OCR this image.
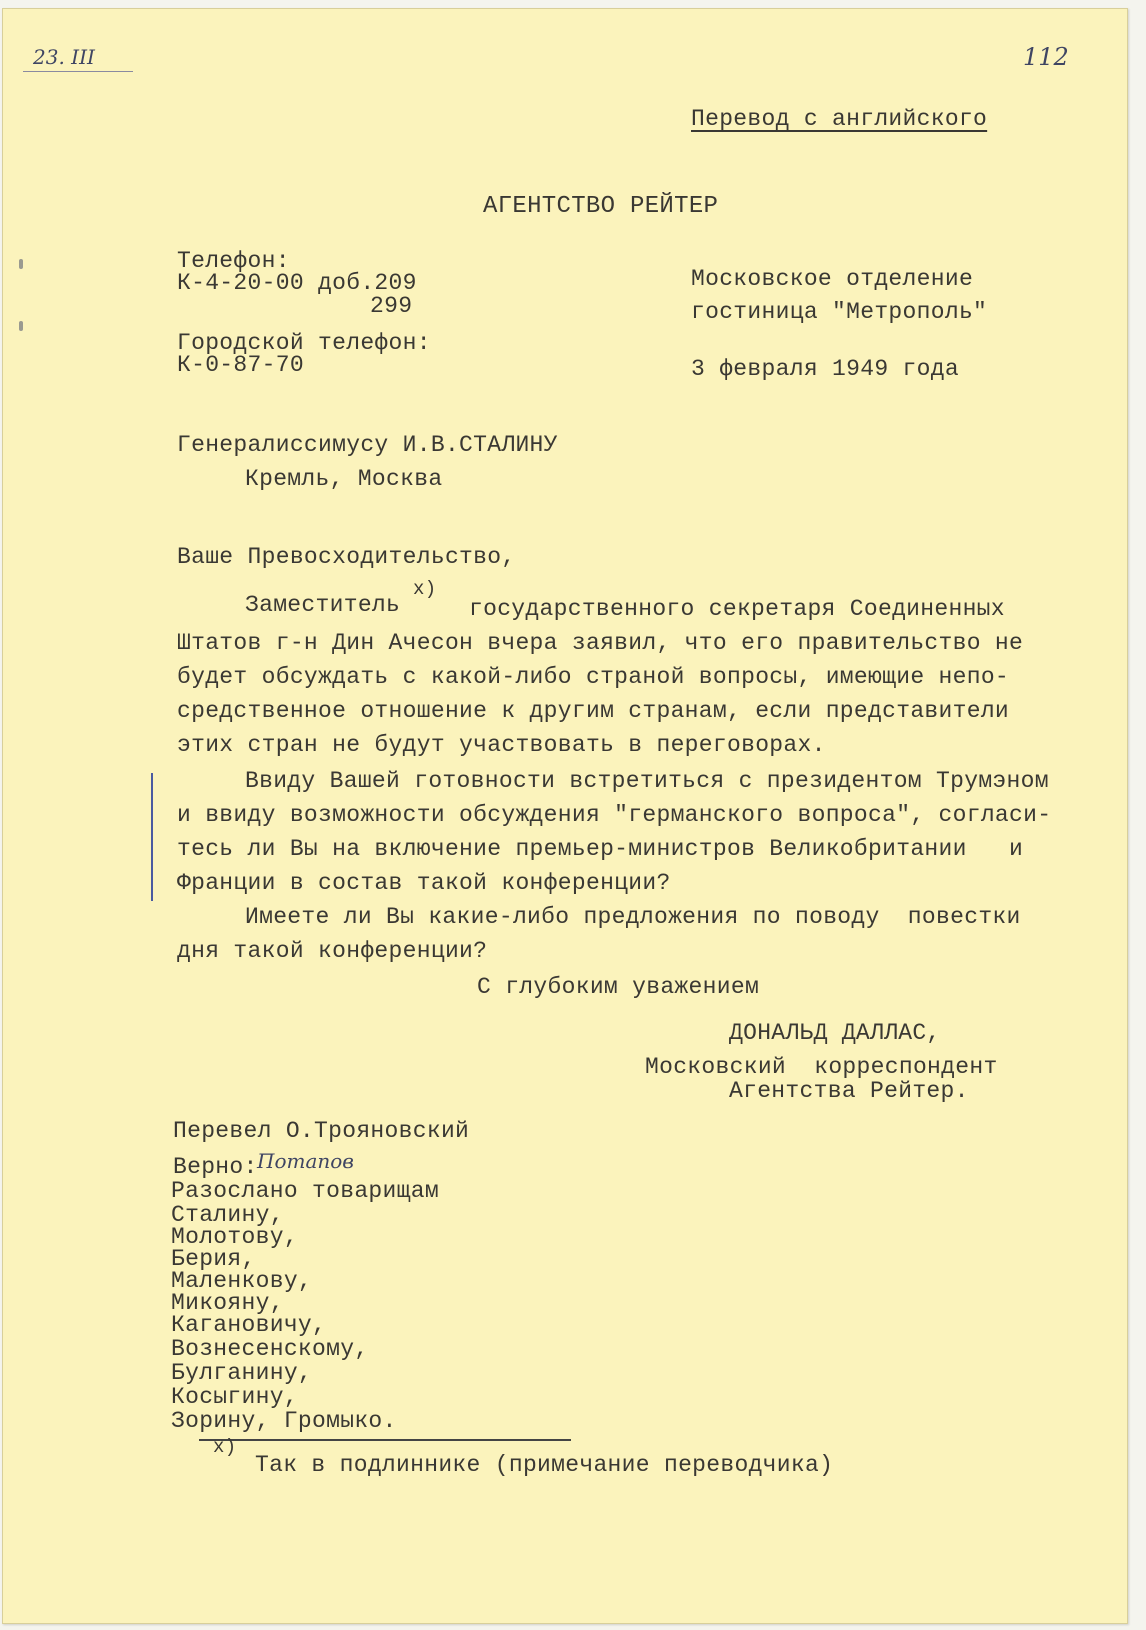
23. III	112
Перевод с английского
АГЕНТСТВО РЕЙТЕР
Телефон:
К-4-20-00 доб.209
299
Городской телефон:
К-0-87-70
Московское отделение
гостиница "Метрополь"
3 февраля 1949 года
Генералиссимусу И.В.СТАЛИНУ
Кремль, Москва
Ваше Превосходительство,
Заместитель
х)
государственного секретаря Соединенных
Штатов г-н Дин Ачесон вчера заявил, что его правительство не
будет обсуждать с какой-либо страной вопросы, имеющие непо-
средственное отношение к другим странам, если представители
этих стран не будут участвовать в переговорах.
Ввиду Вашей готовности встретиться с президентом Трумэном
и ввиду возможности обсуждения "германского вопроса", согласи-
тесь ли Вы на включение премьер-министров Великобритании   и
Франции в состав такой конференции?
Имеете ли Вы какие-либо предложения по поводу  повестки
дня такой конференции?
С глубоким уважением
ДОНАЛЬД ДАЛЛАС,
Московский  корреспондент
Агентства Рейтер.
Перевел О.Трояновский
Верно: Потапов
Разослано товарищам
Сталину,
Молотову,
Берия,
Маленкову,
Микояну,
Кагановичу,
Вознесенскому,
Булганину,
Косыгину,
Зорину, Громыко.
х)
Так в подлиннике (примечание переводчика)
